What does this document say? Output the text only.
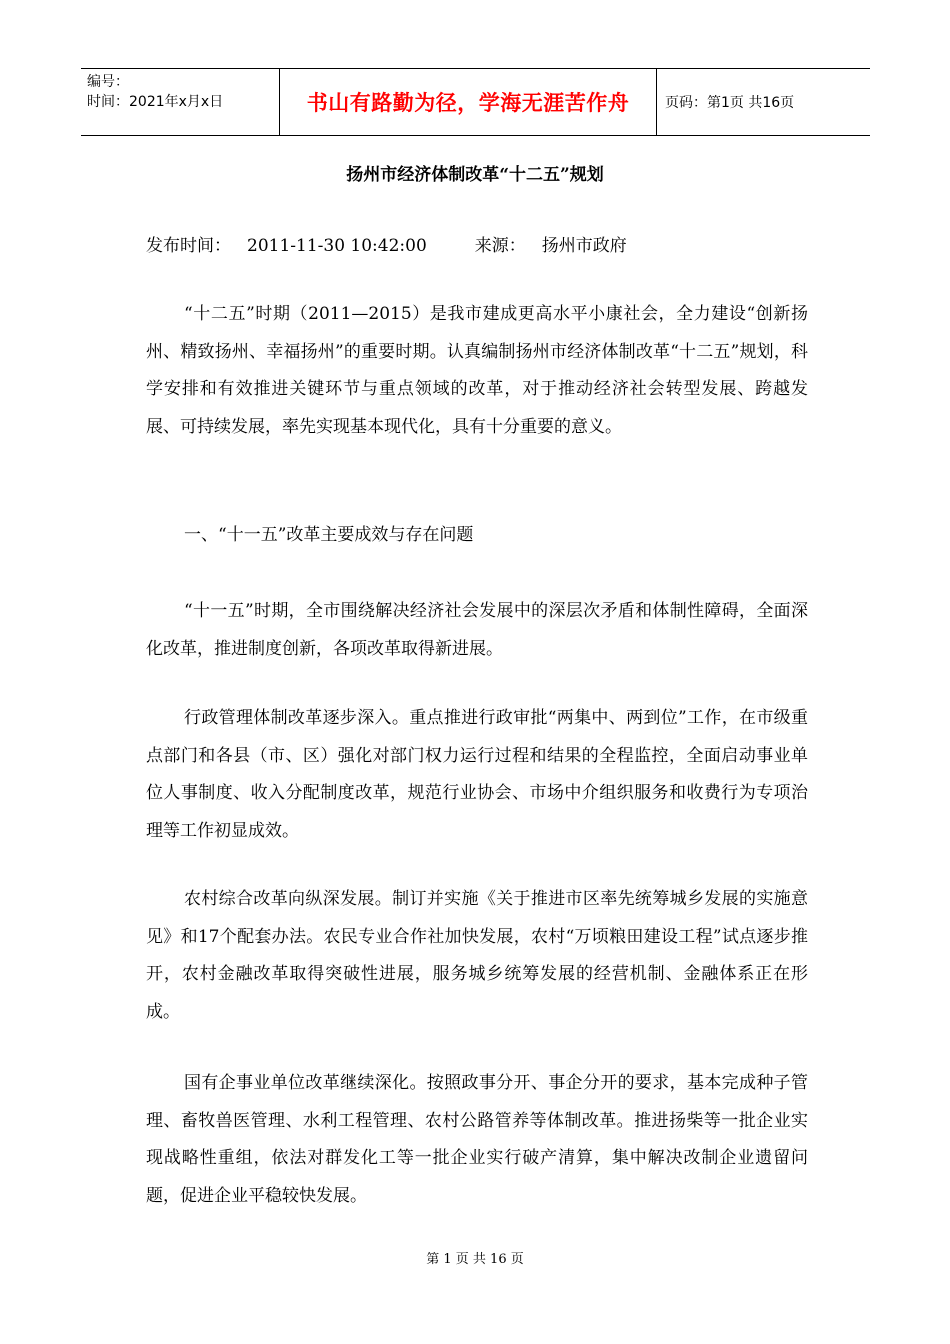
编号：
时间：2021年x月x日	书山有路勤为径，学海无涯苦作舟	页码：第1页 共16页
扬州市经济体制改革“十二五”规划
发布时间： 2011-11-30 10:42:00	来源： 扬州市政府

“十二五”时期（2011—2015）是我市建成更高水平小康社会，全力建设“创新扬州、精致扬州、幸福扬州”的重要时期。认真编制扬州市经济体制改革“十二五”规划，科学安排和有效推进关键环节与重点领域的改革，对于推动经济社会转型发展、跨越发展、可持续发展，率先实现基本现代化，具有十分重要的意义。

一、“十一五”改革主要成效与存在问题

“十一五”时期，全市围绕解决经济社会发展中的深层次矛盾和体制性障碍，全面深化改革，推进制度创新，各项改革取得新进展。

行政管理体制改革逐步深入。重点推进行政审批“两集中、两到位”工作，在市级重点部门和各县（市、区）强化对部门权力运行过程和结果的全程监控，全面启动事业单位人事制度、收入分配制度改革，规范行业协会、市场中介组织服务和收费行为专项治理等工作初显成效。

农村综合改革向纵深发展。制订并实施《关于推进市区率先统筹城乡发展的实施意见》和17个配套办法。农民专业合作社加快发展，农村“万顷粮田建设工程”试点逐步推开，农村金融改革取得突破性进展，服务城乡统筹发展的经营机制、金融体系正在形成。

国有企事业单位改革继续深化。按照政事分开、事企分开的要求，基本完成种子管理、畜牧兽医管理、水利工程管理、农村公路管养等体制改革。推进扬柴等一批企业实现战略性重组，依法对群发化工等一批企业实行破产清算，集中解决改制企业遗留问题，促进企业平稳较快发展。

第 1 页 共 16 页
